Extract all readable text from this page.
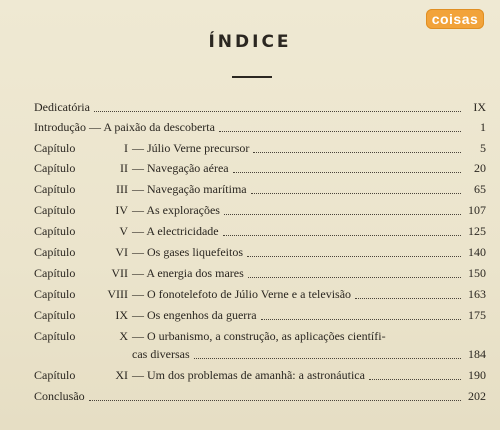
coisas
ÍNDICE
Dedicatória	IX
Introdução — A paixão da descoberta	1
Capítulo	I — Júlio Verne precursor	5
Capítulo	II — Navegação aérea	20
Capítulo	III — Navegação marítima	65
Capítulo	IV — As explorações	107
Capítulo	V — A electricidade	125
Capítulo	VI — Os gases liquefeitos	140
Capítulo	VII — A energia dos mares	150
Capítulo	VIII — O fonotelefoto de Júlio Verne e a televisão	163
Capítulo	IX — Os engenhos da guerra	175
Capítulo	X — O urbanismo, a construção, as aplicações científi-
cas diversas	184
Capítulo	XI — Um dos problemas de amanhã: a astronáutica	190
Conclusão	202
